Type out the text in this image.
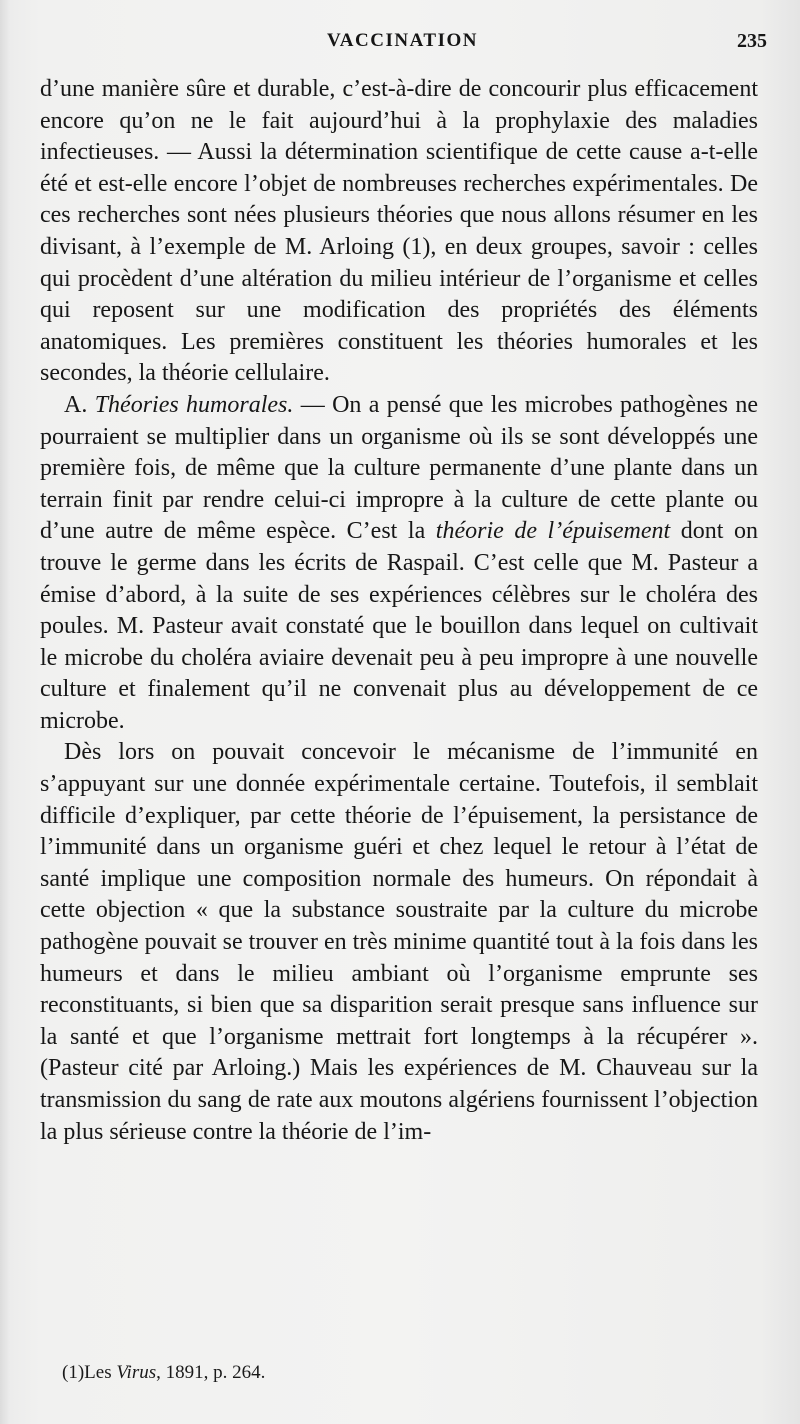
VACCINATION	235

d’une manière sûre et durable, c’est-à-dire de concourir plus efficacement encore qu’on ne le fait aujourd’hui à la prophylaxie des maladies infectieuses. — Aussi la détermination scientifique de cette cause a-t-elle été et est-elle encore l’objet de nombreuses recherches expérimentales. De ces recherches sont nées plusieurs théories que nous allons résumer en les divisant, à l’exemple de M. Arloing (1), en deux groupes, savoir : celles qui procèdent d’une altération du milieu intérieur de l’organisme et celles qui reposent sur une modification des propriétés des éléments anatomiques. Les premières constituent les théories humorales et les secondes, la théorie cellulaire.

A. Théories humorales. — On a pensé que les microbes pathogènes ne pourraient se multiplier dans un organisme où ils se sont développés une première fois, de même que la culture permanente d’une plante dans un terrain finit par rendre celui-ci impropre à la culture de cette plante ou d’une autre de même espèce. C’est la théorie de l’épuisement dont on trouve le germe dans les écrits de Raspail. C’est celle que M. Pasteur a émise d’abord, à la suite de ses expériences célèbres sur le choléra des poules. M. Pasteur avait constaté que le bouillon dans lequel on cultivait le microbe du choléra aviaire devenait peu à peu impropre à une nouvelle culture et finalement qu’il ne convenait plus au développement de ce microbe.

Dès lors on pouvait concevoir le mécanisme de l’immunité en s’appuyant sur une donnée expérimentale certaine. Toutefois, il semblait difficile d’expliquer, par cette théorie de l’épuisement, la persistance de l’immunité dans un organisme guéri et chez lequel le retour à l’état de santé implique une composition normale des humeurs. On répondait à cette objection « que la substance soustraite par la culture du microbe pathogène pouvait se trouver en très minime quantité tout à la fois dans les humeurs et dans le milieu ambiant où l’organisme emprunte ses reconstituants, si bien que sa disparition serait presque sans influence sur la santé et que l’organisme mettrait fort longtemps à la récupérer ». (Pasteur cité par Arloing.) Mais les expériences de M. Chauveau sur la transmission du sang de rate aux moutons algériens fournissent l’objection la plus sérieuse contre la théorie de l’im-

(1)Les Virus, 1891, p. 264.
